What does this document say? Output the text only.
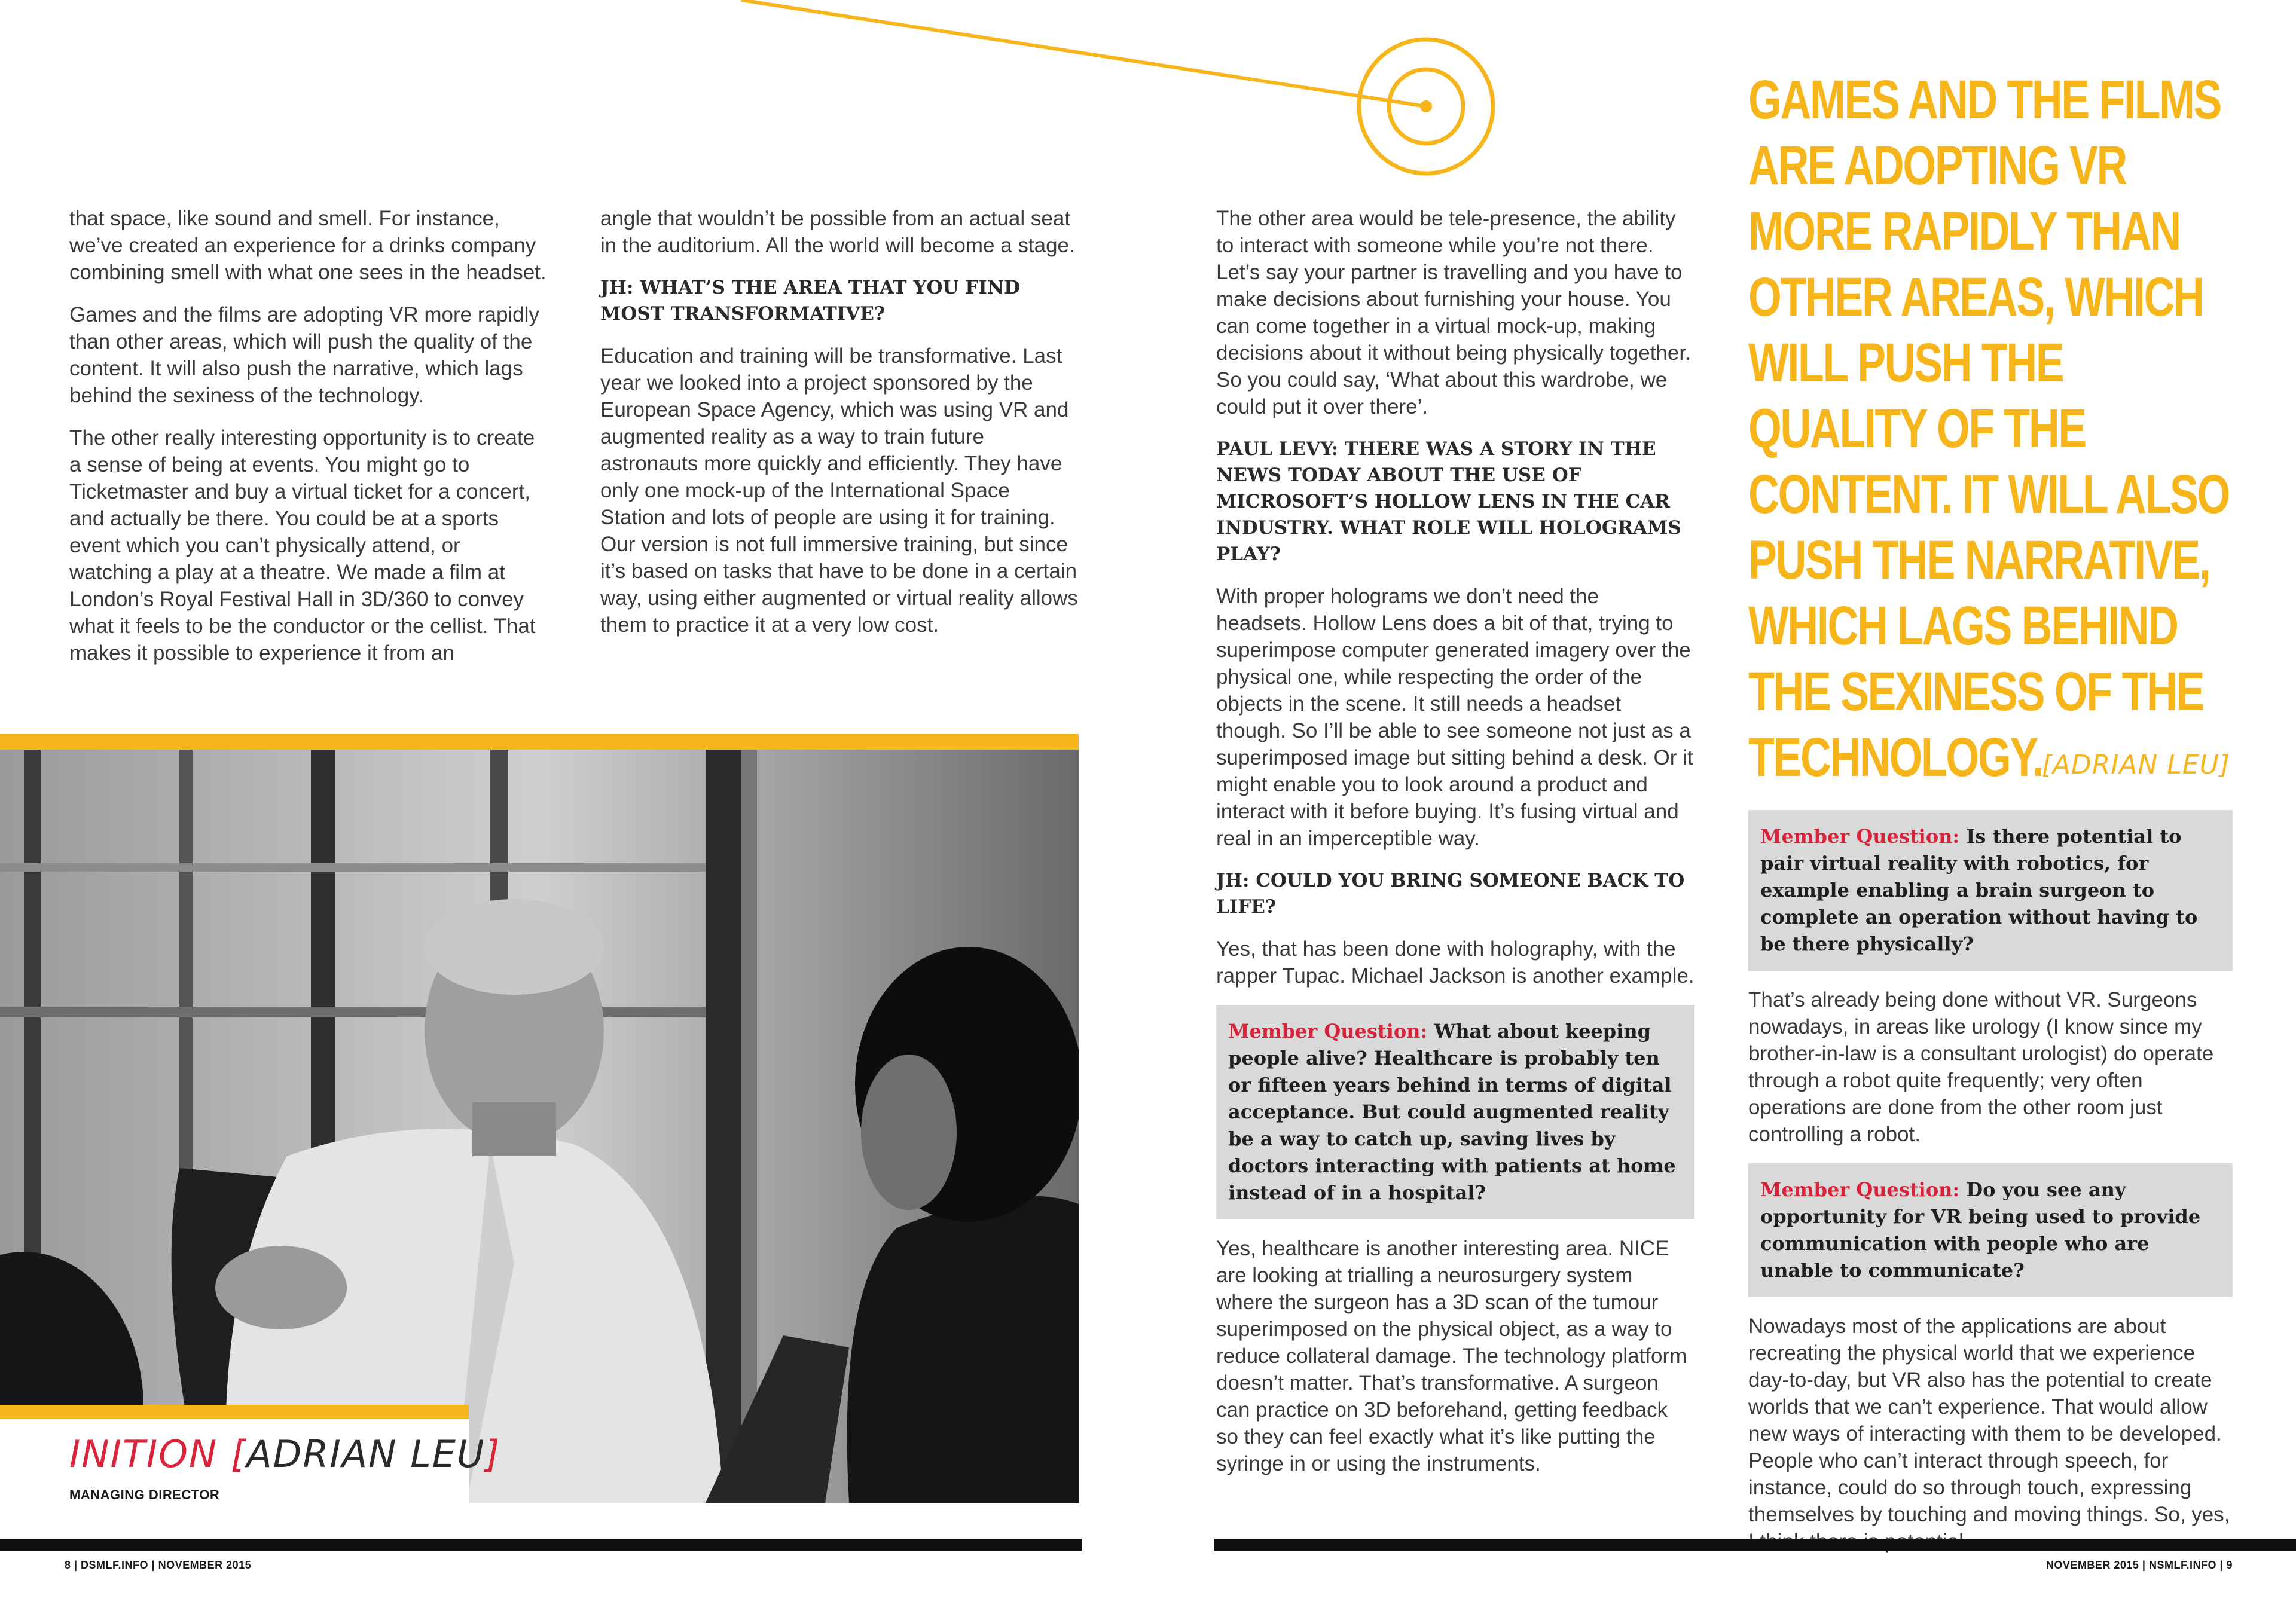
that space, like sound and smell. For instance, we’ve created an experience for a drinks company combining smell with what one sees in the headset.

Games and the films are adopting VR more rapidly than other areas, which will push the quality of the content. It will also push the narrative, which lags behind the sexiness of the technology.

The other really interesting opportunity is to create a sense of being at events. You might go to Ticketmaster and buy a virtual ticket for a concert, and actually be there. You could be at a sports event which you can’t physically attend, or watching a play at a theatre. We made a film at London’s Royal Festival Hall in 3D/360 to convey what it feels to be the conductor or the cellist. That makes it possible to experience it from an

angle that wouldn’t be possible from an actual seat in the auditorium. All the world will become a stage.

JH: WHAT’S THE AREA THAT YOU FIND MOST TRANSFORMATIVE?

Education and training will be transformative. Last year we looked into a project sponsored by the European Space Agency, which was using VR and augmented reality as a way to train future astronauts more quickly and efficiently. They have only one mock-up of the International Space Station and lots of people are using it for training. Our version is not full immersive training, but since it’s based on tasks that have to be done in a certain way, using either augmented or virtual reality allows them to practice it at a very low cost.

INITION [ADRIAN LEU]
MANAGING DIRECTOR
8 | DSMLF.INFO | NOVEMBER 2015

The other area would be tele-presence, the ability to interact with someone while you’re not there. Let’s say your partner is travelling and you have to make decisions about furnishing your house. You can come together in a virtual mock-up, making decisions about it without being physically together. So you could say, ‘What about this wardrobe, we could put it over there’.

PAUL LEVY: THERE WAS A STORY IN THE NEWS TODAY ABOUT THE USE OF MICROSOFT’S HOLLOW LENS IN THE CAR INDUSTRY. WHAT ROLE WILL HOLOGRAMS PLAY?

With proper holograms we don’t need the headsets. Hollow Lens does a bit of that, trying to superimpose computer generated imagery over the physical one, while respecting the order of the objects in the scene. It still needs a headset though. So I’ll be able to see someone not just as a superimposed image but sitting behind a desk. Or it might enable you to look around a product and interact with it before buying. It’s fusing virtual and real in an imperceptible way.

JH: COULD YOU BRING SOMEONE BACK TO LIFE?

Yes, that has been done with holography, with the rapper Tupac. Michael Jackson is another example.

Member Question: What about keeping people alive? Healthcare is probably ten or fifteen years behind in terms of digital acceptance. But could augmented reality be a way to catch up, saving lives by doctors interacting with patients at home instead of in a hospital?

Yes, healthcare is another interesting area. NICE are looking at trialling a neurosurgery system where the surgeon has a 3D scan of the tumour superimposed on the physical object, as a way to reduce collateral damage. The technology platform doesn’t matter. That’s transformative. A surgeon can practice on 3D beforehand, getting feedback so they can feel exactly what it’s like putting the syringe in or using the instruments.

GAMES AND THE FILMS ARE ADOPTING VR MORE RAPIDLY THAN OTHER AREAS, WHICH WILL PUSH THE QUALITY OF THE CONTENT. IT WILL ALSO PUSH THE NARRATIVE, WHICH LAGS BEHIND THE SEXINESS OF THE TECHNOLOGY.
[ADRIAN LEU]
Member Question: Is there potential to pair virtual reality with robotics, for example enabling a brain surgeon to complete an operation without having to be there physically?

That’s already being done without VR. Surgeons nowadays, in areas like urology (I know since my brother-in-law is a consultant urologist) do operate through a robot quite frequently; very often operations are done from the other room just controlling a robot.

Member Question: Do you see any opportunity for VR being used to provide communication with people who are unable to communicate?

Nowadays most of the applications are about recreating the physical world that we experience day-to-day, but VR also has the potential to create worlds that we can’t experience. That would allow new ways of interacting with them to be developed. People who can’t interact through speech, for instance, could do so through touch, expressing themselves by touching and moving things. So, yes,

NOVEMBER 2015 | NSMLF.INFO | 9
